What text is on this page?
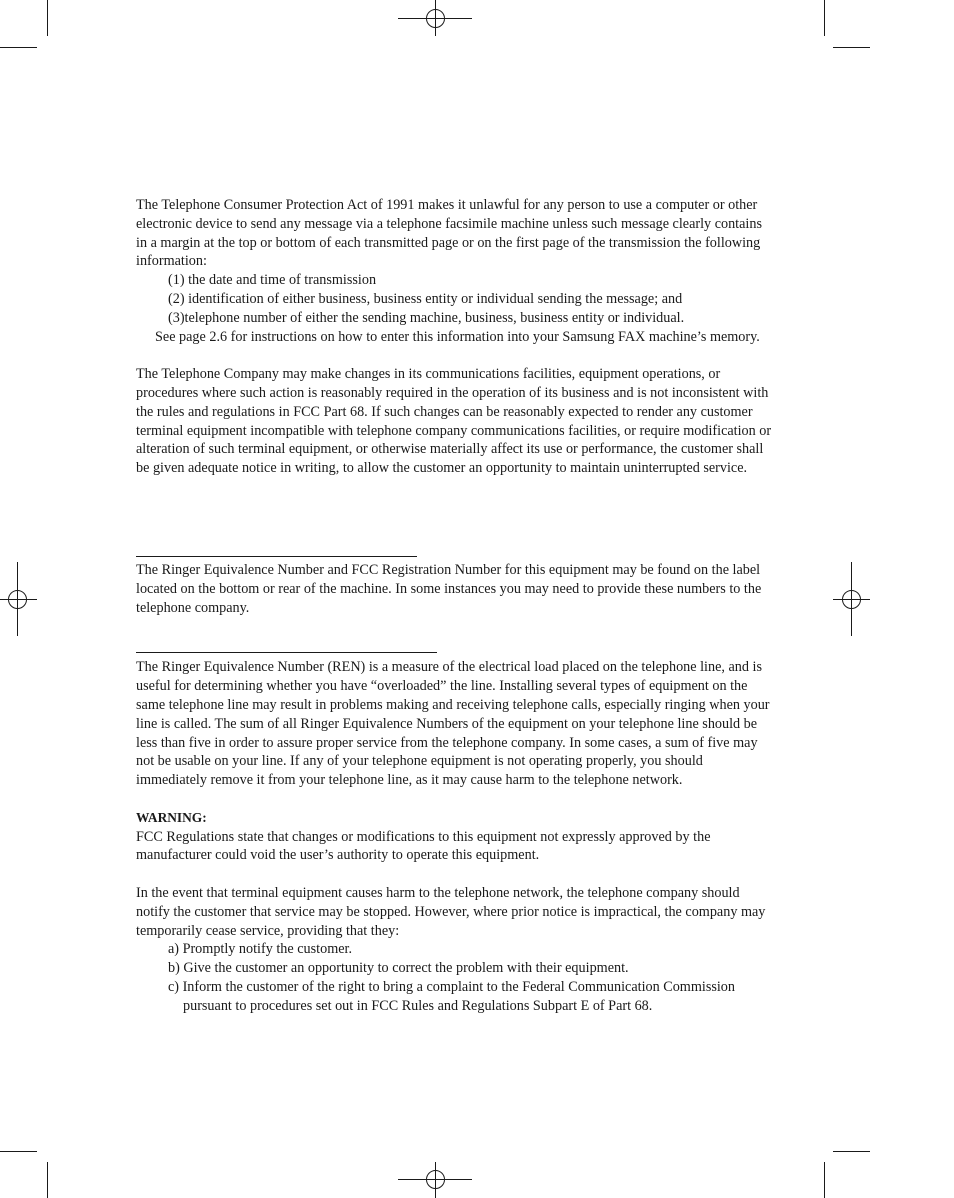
The Telephone Consumer Protection Act of 1991 makes it unlawful for any person to use a computer or other electronic device to send any message via a telephone facsimile machine unless such message clearly contains in a margin at the top or bottom of each transmitted page or on the first page of the transmission the following information:

(1) the date and time of transmission

(2) identification of either business, business entity or individual sending the message; and

(3)telephone number of either the sending machine, business, business entity or individual.

See page 2.6 for instructions on how to enter this information into your Samsung FAX machine’s memory.

The Telephone Company may make changes in its communications facilities, equipment operations, or procedures where such action is reasonably required in the operation of its business and is not inconsistent with the rules and regulations in FCC Part 68. If such changes can be reasonably expected to render any customer terminal equipment incompatible with telephone company communications facilities, or require modification or alteration of such terminal equipment, or otherwise materially affect its use or performance, the customer shall be given adequate notice in writing, to allow the customer an opportunity to maintain uninterrupted service.

The Ringer Equivalence Number and FCC Registration Number for this equipment may be found on the label located on the bottom or rear of the machine. In some instances you may need to provide these numbers to the telephone company.

The Ringer Equivalence Number (REN) is a measure of the electrical load placed on the telephone line, and is useful for determining whether you have “overloaded” the line. Installing several types of equipment on the same telephone line may result in problems making and receiving telephone calls, especially ringing when your line is called. The sum of all Ringer Equivalence Numbers of the equipment on your telephone line should be less than five in order to assure proper service from the telephone company. In some cases, a sum of five may not be usable on your line. If any of your telephone equipment is not operating properly, you should immediately remove it from your telephone line, as it may cause harm to the telephone network.

WARNING:

FCC Regulations state that changes or modifications to this equipment not expressly approved by the manufacturer could void the user’s authority to operate this equipment.

In the event that terminal equipment causes harm to the telephone network, the telephone company should notify the customer that service may be stopped. However, where prior notice is impractical, the company may temporarily cease service, providing that they:

a) Promptly notify the customer.

b) Give the customer an opportunity to correct the problem with their equipment.

c) Inform the customer of the right to bring a complaint to the Federal Communication Commission pursuant to procedures set out in FCC Rules and Regulations Subpart E of Part 68.
